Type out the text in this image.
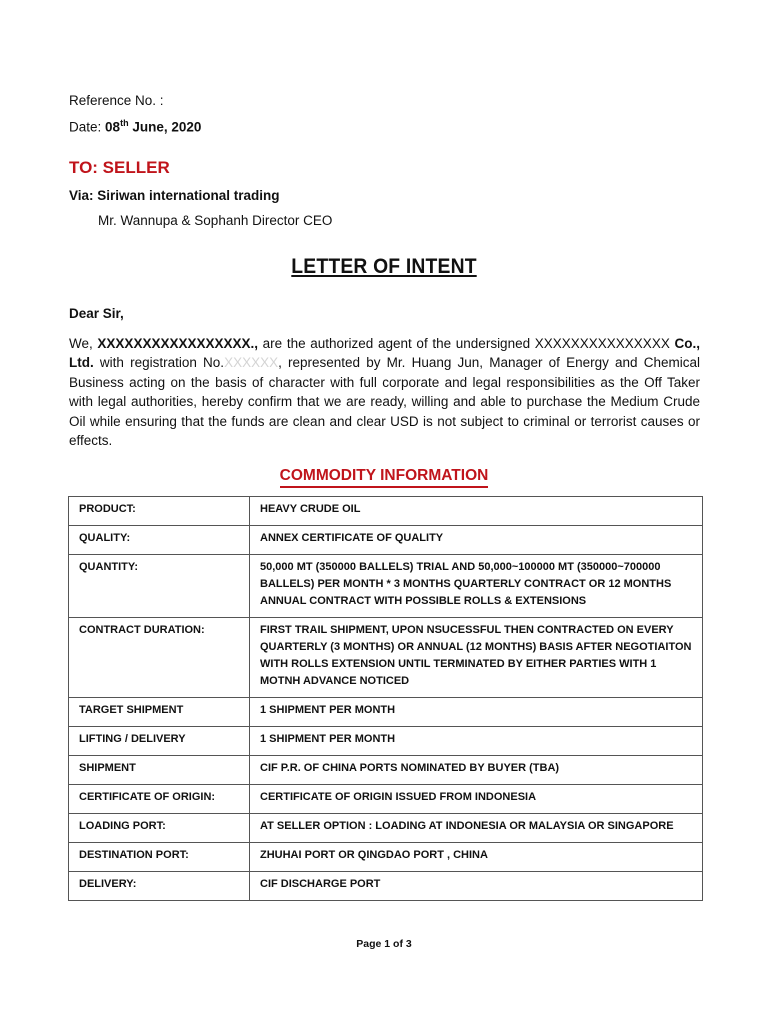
Reference No. :
Date: 08th June, 2020
TO: SELLER
Via: Siriwan international trading
Mr. Wannupa & Sophanh Director CEO
LETTER OF INTENT
Dear Sir,
We, XXXXXXXXXXXXXXXXX., are the authorized agent of the undersigned XXXXXXXXXXXXXXX Co., Ltd. with registration No.XXXXXX, represented by Mr. Huang Jun, Manager of Energy and Chemical Business acting on the basis of character with full corporate and legal responsibilities as the Off Taker with legal authorities, hereby confirm that we are ready, willing and able to purchase the Medium Crude Oil while ensuring that the funds are clean and clear USD is not subject to criminal or terrorist causes or effects.
COMMODITY INFORMATION
PRODUCT:	HEAVY CRUDE OIL
QUALITY:	ANNEX CERTIFICATE OF QUALITY
QUANTITY:	50,000 MT (350000 BALLELS) TRIAL AND 50,000~100000 MT (350000~700000 BALLELS) PER MONTH * 3 MONTHS QUARTERLY CONTRACT OR 12 MONTHS ANNUAL CONTRACT WITH POSSIBLE ROLLS & EXTENSIONS
CONTRACT DURATION:	FIRST TRAIL SHIPMENT, UPON NSUCESSFUL THEN CONTRACTED ON EVERY QUARTERLY (3 MONTHS) OR ANNUAL (12 MONTHS) BASIS AFTER NEGOTIAITON WITH ROLLS EXTENSION UNTIL TERMINATED BY EITHER PARTIES WITH 1 MOTNH ADVANCE NOTICED
TARGET SHIPMENT	1 SHIPMENT PER MONTH
LIFTING / DELIVERY	1 SHIPMENT PER MONTH
SHIPMENT	CIF P.R. OF CHINA PORTS NOMINATED BY BUYER (TBA)
CERTIFICATE OF ORIGIN:	CERTIFICATE OF ORIGIN ISSUED FROM INDONESIA
LOADING PORT:	AT SELLER OPTION : LOADING AT INDONESIA OR MALAYSIA OR SINGAPORE
DESTINATION PORT:	ZHUHAI PORT OR QINGDAO PORT , CHINA
DELIVERY:	CIF DISCHARGE PORT
Page 1 of 3
